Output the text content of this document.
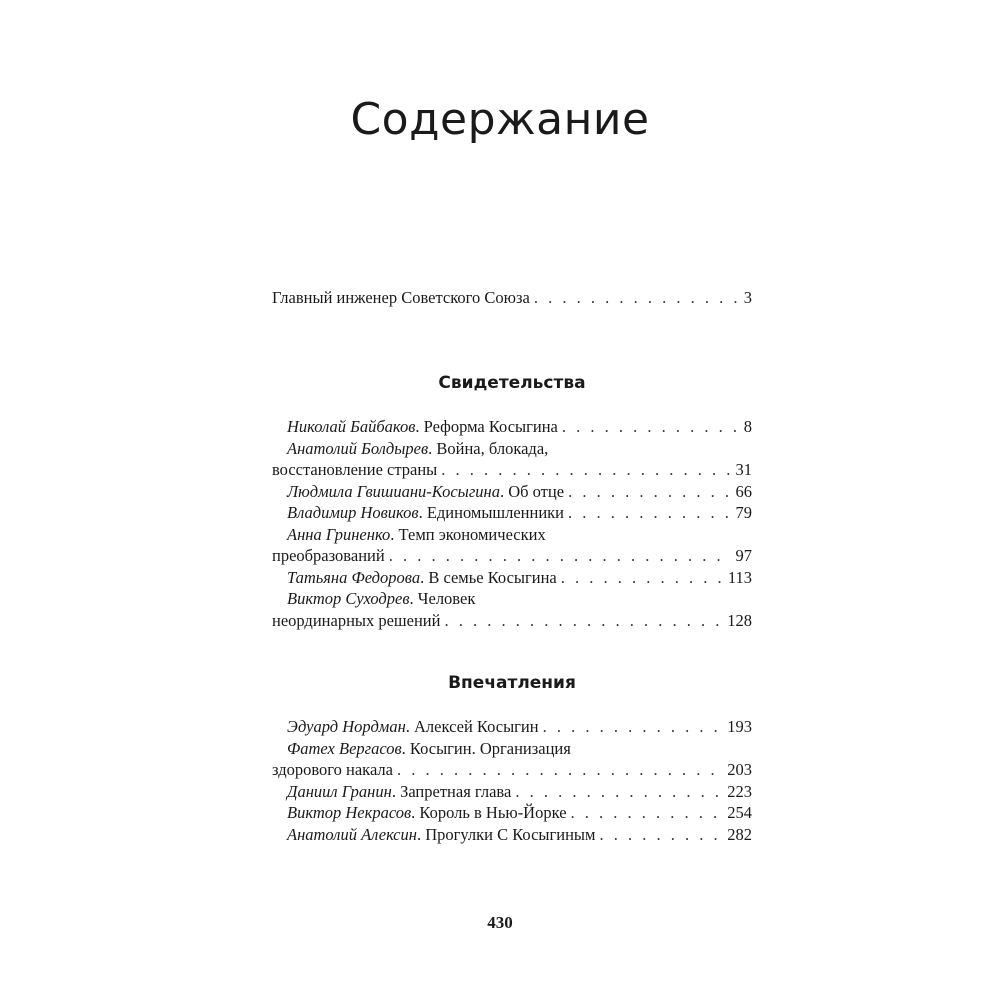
Содержание
Главный инженер Советского Союза . . .	3
Свидетельства
Николай Байбаков. Реформа Косыгина . . .	8
Анатолий Болдырев. Война, блокада,
восстановление страны . . .	31
Людмила Гвишиани-Косыгина. Об отце . . .	66
Владимир Новиков. Единомышленники . . .	79
Анна Гриненко. Темп экономических
преобразований . . .	97
Татьяна Федорова. В семье Косыгина . . .	113
Виктор Суходрев. Человек
неординарных решений . . .	128
Впечатления
Эдуард Нордман. Алексей Косыгин . . .	193
Фатех Вергасов. Косыгин. Организация
здорового накала . . .	203
Даниил Гранин. Запретная глава . . .	223
Виктор Некрасов. Король в Нью-Йорке . . .	254
Анатолий Алексин. Прогулки С Косыгиным . . .	282
430
